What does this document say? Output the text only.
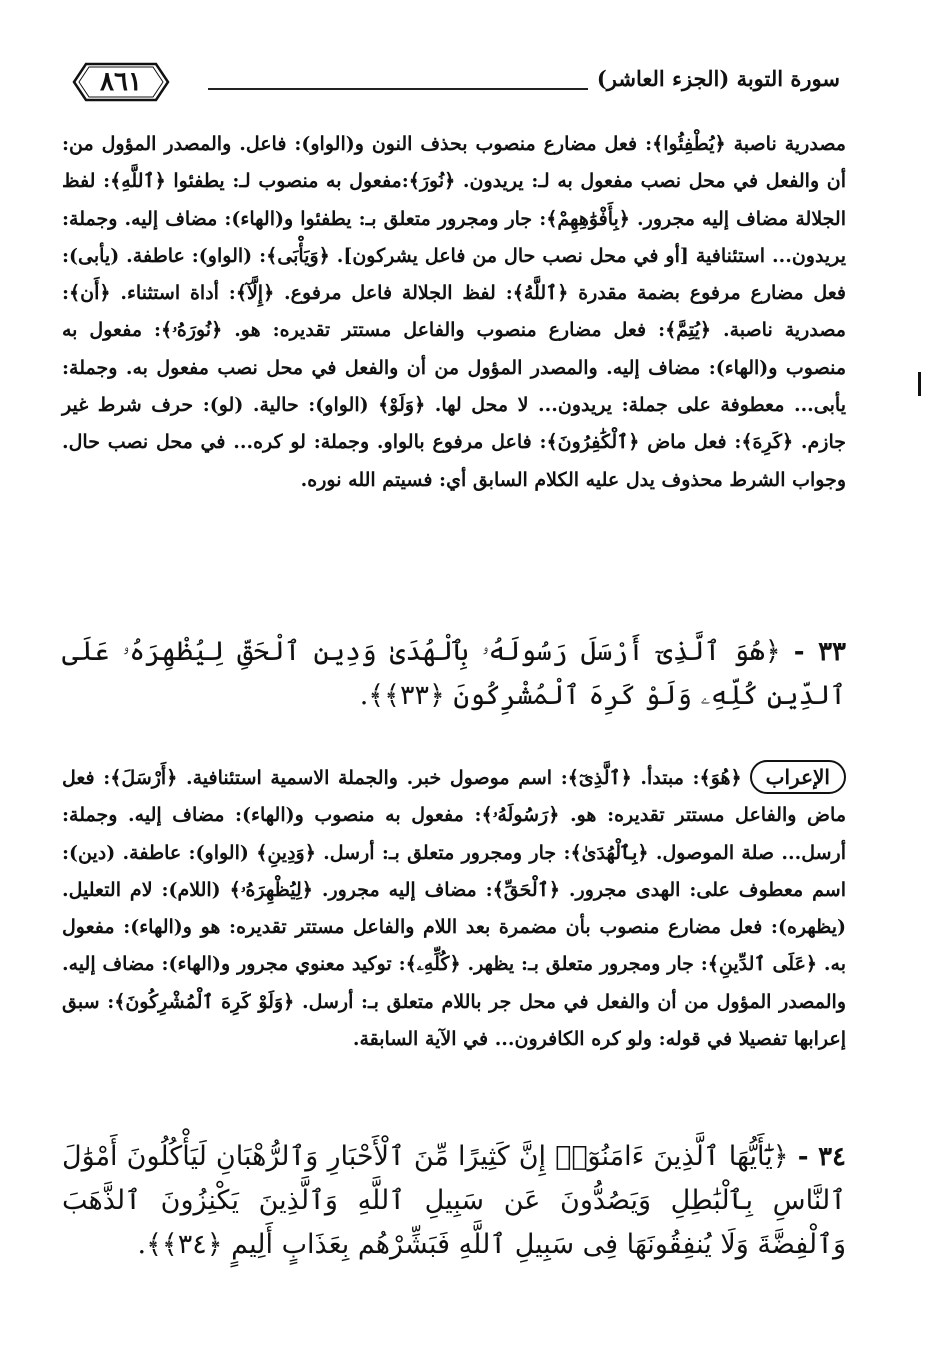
٨٦١	سورة التوبة (الجزء العاشر)

مصدرية ناصبة ﴿يُطْفِئُوا﴾: فعل مضارع منصوب بحذف النون و(الواو): فاعل. والمصدر المؤول من: أن والفعل في محل نصب مفعول به لـ: يريدون. ﴿نُورَ﴾:مفعول به منصوب لـ: يطفئوا ﴿ٱللَّهِ﴾: لفظ الجلالة مضاف إليه مجرور. ﴿بِأَفْوَٰهِهِمْ﴾: جار ومجرور متعلق بـ: يطفئوا و(الهاء): مضاف إليه. وجملة: يريدون... استئنافية [أو في محل نصب حال من فاعل يشركون]. ﴿وَيَأْبَى﴾: (الواو): عاطفة. (يأبى): فعل مضارع مرفوع بضمة مقدرة ﴿ٱللَّهُ﴾: لفظ الجلالة فاعل مرفوع. ﴿إِلَّآ﴾: أداة استثناء. ﴿أَن﴾: مصدرية ناصبة. ﴿يُتِمَّ﴾: فعل مضارع منصوب والفاعل مستتر تقديره: هو. ﴿نُورَهُۥ﴾: مفعول به منصوب و(الهاء): مضاف إليه. والمصدر المؤول من أن والفعل في محل نصب مفعول به. وجملة: يأبى... معطوفة على جملة: يريدون... لا محل لها. ﴿وَلَوْ﴾ (الواو): حالية. (لو): حرف شرط غير جازم. ﴿كَرِهَ﴾: فعل ماض ﴿ٱلْكَٰفِرُونَ﴾: فاعل مرفوع بالواو. وجملة: لو كره... في محل نصب حال. وجواب الشرط محذوف يدل عليه الكلام السابق أي: فسيتم الله نوره.

٣٣ - ﴿هُوَ ٱلَّذِىٓ أَرْسَلَ رَسُولَهُۥ بِٱلْهُدَىٰ وَدِينِ ٱلْحَقِّ لِيُظْهِرَهُۥ عَلَى ٱلدِّينِ كُلِّهِۦ وَلَوْ كَرِهَ ٱلْمُشْرِكُونَ ﴿٣٣﴾﴾.

الإعراب﴿هُوَ﴾: مبتدأ. ﴿ٱلَّذِىٓ﴾: اسم موصول خبر. والجملة الاسمية استئنافية. ﴿أَرْسَلَ﴾: فعل ماض والفاعل مستتر تقديره: هو. ﴿رَسُولَهُۥ﴾: مفعول به منصوب و(الهاء): مضاف إليه. وجملة: أرسل... صلة الموصول. ﴿بِٱلْهُدَىٰ﴾: جار ومجرور متعلق بـ: أرسل. ﴿وَدِينِ﴾ (الواو): عاطفة. (دين): اسم معطوف على: الهدى مجرور. ﴿ٱلْحَقِّ﴾: مضاف إليه مجرور. ﴿لِيُظْهِرَهُۥ﴾ (اللام): لام التعليل. (يظهره): فعل مضارع منصوب بأن مضمرة بعد اللام والفاعل مستتر تقديره: هو و(الهاء): مفعول به. ﴿عَلَى ٱلدِّينِ﴾: جار ومجرور متعلق بـ: يظهر. ﴿كُلِّهِۦ﴾: توكيد معنوي مجرور و(الهاء): مضاف إليه. والمصدر المؤول من أن والفعل في محل جر باللام متعلق بـ: أرسل. ﴿وَلَوْ كَرِهَ ٱلْمُشْرِكُونَ﴾: سبق إعرابها تفصيلا في قوله: ولو كره الكافرون... في الآية السابقة.

٣٤ - ﴿يَٰٓأَيُّهَا ٱلَّذِينَ ءَامَنُوٓا۟ إِنَّ كَثِيرًا مِّنَ ٱلْأَحْبَارِ وَٱلرُّهْبَانِ لَيَأْكُلُونَ أَمْوَٰلَ ٱلنَّاسِ بِٱلْبَٰطِلِ وَيَصُدُّونَ عَن سَبِيلِ ٱللَّهِ وَٱلَّذِينَ يَكْنِزُونَ ٱلذَّهَبَ وَٱلْفِضَّةَ وَلَا يُنفِقُونَهَا فِى سَبِيلِ ٱللَّهِ فَبَشِّرْهُم بِعَذَابٍ أَلِيمٍ ﴿٣٤﴾﴾.
